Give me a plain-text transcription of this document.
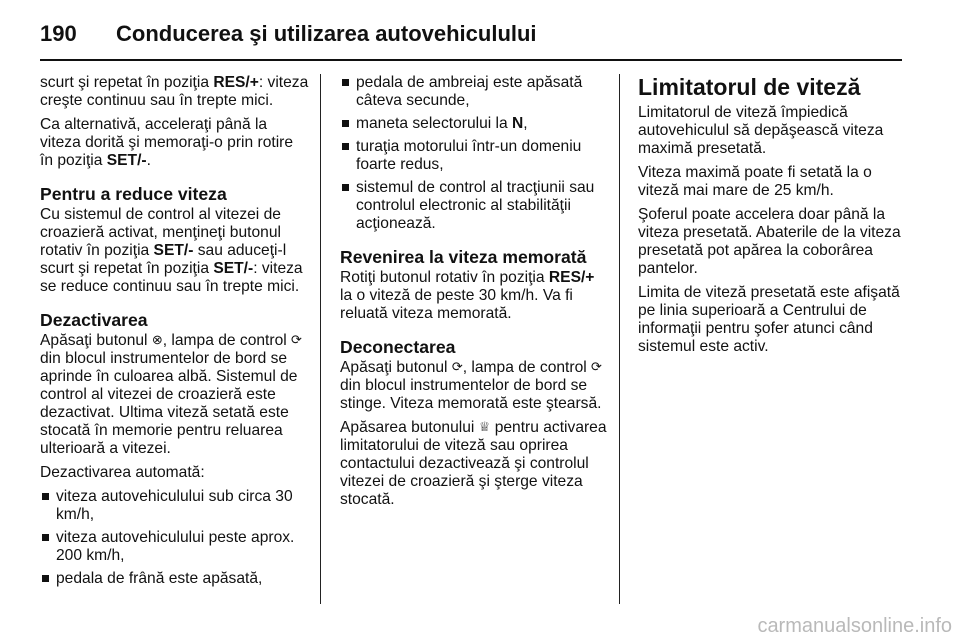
190	Conducerea şi utilizarea autovehiculului

scurt şi repetat în poziţia RES/+: viteza creşte continuu sau în trepte mici.

Ca alternativă, acceleraţi până la viteza dorită şi memoraţi-o prin rotire în poziţia SET/-.

Pentru a reduce viteza

Cu sistemul de control al vitezei de croazieră activat, menţineţi butonul rotativ în poziţia SET/- sau aduceţi-l scurt şi repetat în poziţia SET/-: viteza se reduce continuu sau în trepte mici.

Dezactivarea

Apăsaţi butonul ⊗, lampa de control ⟳ din blocul instrumentelor de bord se aprinde în culoarea albă. Sistemul de control al vitezei de croazieră este dezactivat. Ultima viteză setată este stocată în memorie pentru reluarea ulterioară a vitezei.

Dezactivarea automată:

viteza autovehiculului sub circa 30 km/h,
viteza autovehiculului peste aprox. 200 km/h,
pedala de frână este apăsată,
pedala de ambreiaj este apăsată câteva secunde,
maneta selectorului la N,
turaţia motorului într-un domeniu foarte redus,
sistemul de control al tracţiunii sau controlul electronic al stabilităţii acţionează.
Revenirea la viteza memorată

Rotiţi butonul rotativ în poziţia RES/+ la o viteză de peste 30 km/h. Va fi reluată viteza memorată.

Deconectarea

Apăsaţi butonul ⟳, lampa de control ⟳ din blocul instrumentelor de bord se stinge. Viteza memorată este ştearsă.

Apăsarea butonului ♕ pentru activarea limitatorului de viteză sau oprirea contactului dezactivează şi controlul vitezei de croazieră şi şterge viteza stocată.

Limitatorul de viteză

Limitatorul de viteză împiedică autovehiculul să depăşească viteza maximă presetată.

Viteza maximă poate fi setată la o viteză mai mare de 25 km/h.

Şoferul poate accelera doar până la viteza presetată. Abaterile de la viteza presetată pot apărea la coborârea pantelor.

Limita de viteză presetată este afişată pe linia superioară a Centrului de informaţii pentru şofer atunci când sistemul este activ.

carmanualsonline.info
